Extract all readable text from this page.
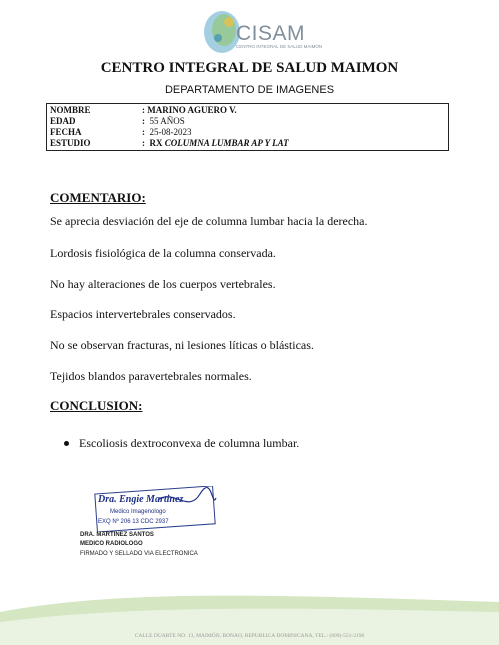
CISAM
CENTRO INTEGRAL DE SALUD MAIMON
CENTRO INTEGRAL DE SALUD MAIMON
DEPARTAMENTO DE IMAGENES
NOMBRE	: MARINO AGUERO V.
EDAD	: 55 AÑOS
FECHA	: 25-08-2023
ESTUDIO	: RX COLUMNA LUMBAR AP Y LAT
COMENTARIO:
Se aprecia desviación del eje de columna lumbar hacia la derecha.
Lordosis fisiológica de la columna conservada.
No hay alteraciones de los cuerpos vertebrales.
Espacios intervertebrales conservados.
No se observan fracturas, ni lesiones líticas o blásticas.
Tejidos blandos paravertebrales normales.
CONCLUSION:
Escoliosis dextroconvexa de columna lumbar.
Dra. Engie Martinez
Medico Imagenologo
EXQ Nº 206 13 CDC 2937
DRA. MARTINEZ SANTOS
MEDICO RADIOLOGO
FIRMADO Y SELLADO VIA ELECTRONICA
CALLE DUARTE NO. 13, MAIMÓN, BONAO, REPUBLICA DOMINICANA, TEL.: (809)-551-2196
